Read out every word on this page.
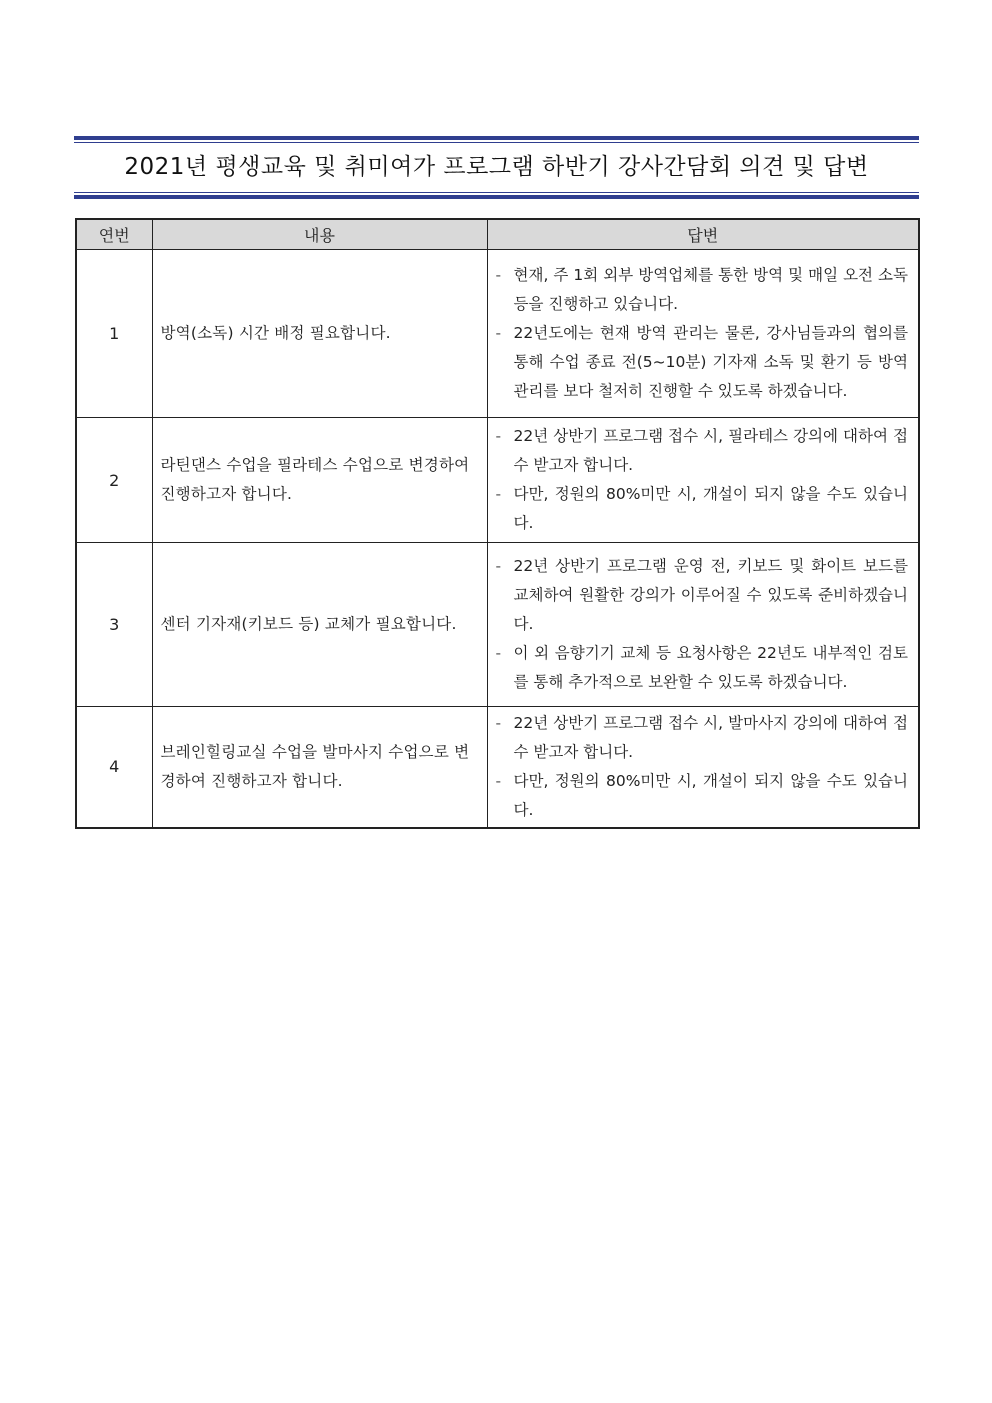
2021년 평생교육 및 취미여가 프로그램 하반기 강사간담회 의견 및 답변
연번	내용	답변
1	방역(소독) 시간 배정 필요합니다.	- 현재, 주 1회 외부 방역업체를 통한 방역 및 매일 오전 소독 등을 진행하고 있습니다.
- 22년도에는 현재 방역 관리는 물론, 강사님들과의 협의를 통해 수업 종료 전(5~10분) 기자재 소독 및 환기 등 방역 관리를 보다 철저히 진행할 수 있도록 하겠습니다.

2	라틴댄스 수업을 필라테스 수업으로 변경하여 진행하고자 합니다.	- 22년 상반기 프로그램 접수 시, 필라테스 강의에 대하여 접수 받고자 합니다.
- 다만, 정원의 80%미만 시, 개설이 되지 않을 수도 있습니다.

3	센터 기자재(키보드 등) 교체가 필요합니다.	- 22년 상반기 프로그램 운영 전, 키보드 및 화이트 보드를 교체하여 원활한 강의가 이루어질 수 있도록 준비하겠습니다.
- 이 외 음향기기 교체 등 요청사항은 22년도 내부적인 검토를 통해 추가적으로 보완할 수 있도록 하겠습니다.

4	브레인힐링교실 수업을 발마사지 수업으로 변경하여 진행하고자 합니다.	- 22년 상반기 프로그램 접수 시, 발마사지 강의에 대하여 접수 받고자 합니다.
- 다만, 정원의 80%미만 시, 개설이 되지 않을 수도 있습니다.
